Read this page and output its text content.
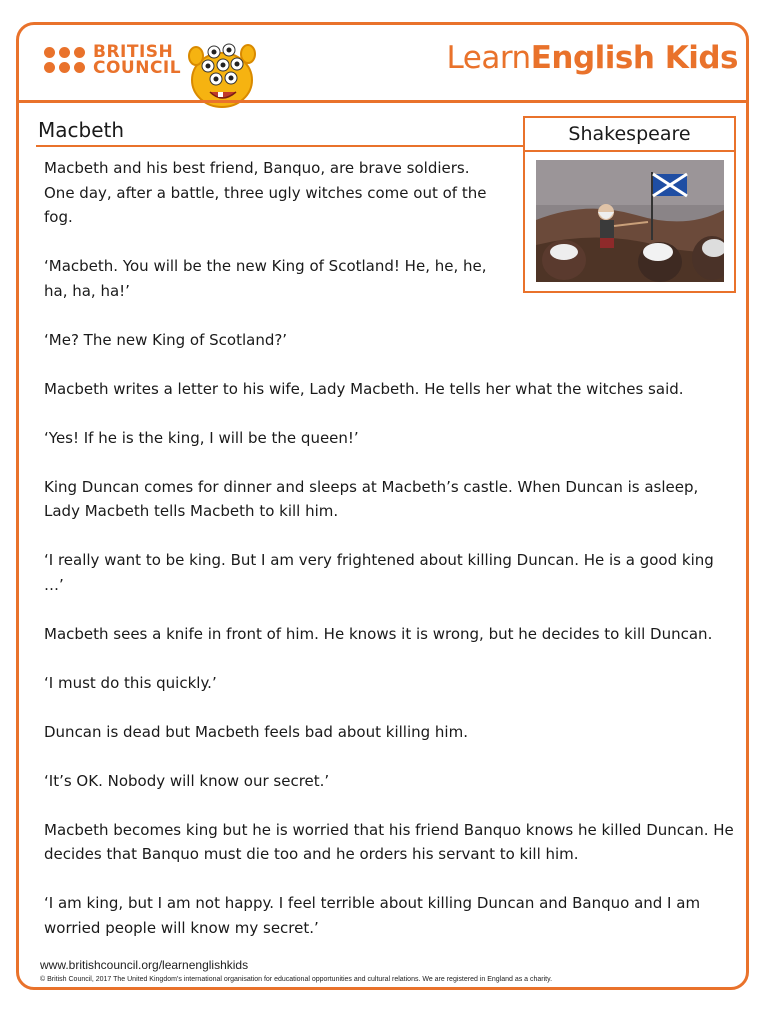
BRITISH
COUNCIL	LearnEnglish Kids
Macbeth	Shakespeare

Macbeth and his best friend, Banquo, are brave soldiers. One day, after a battle, three ugly witches come out of the fog.

‘Macbeth. You will be the new King of Scotland! He, he, he, ha, ha, ha!’

‘Me? The new King of Scotland?’

Macbeth writes a letter to his wife, Lady Macbeth. He tells her what the witches said.

‘Yes! If he is the king, I will be the queen!’

King Duncan comes for dinner and sleeps at Macbeth’s castle. When Duncan is asleep, Lady Macbeth tells Macbeth to kill him.

‘I really want to be king. But I am very frightened about killing Duncan. He is a good king …’

Macbeth sees a knife in front of him. He knows it is wrong, but he decides to kill Duncan.

‘I must do this quickly.’

Duncan is dead but Macbeth feels bad about killing him.

‘It’s OK. Nobody will know our secret.’

Macbeth becomes king but he is worried that his friend Banquo knows he killed Duncan. He decides that Banquo must die too and he orders his servant to kill him.

‘I am king, but I am not happy. I feel terrible about killing Duncan and Banquo and I am worried people will know my secret.’

www.britishcouncil.org/learnenglishkids
© British Council, 2017 The United Kingdom’s international organisation for educational opportunities and cultural relations. We are registered in England as a charity.
